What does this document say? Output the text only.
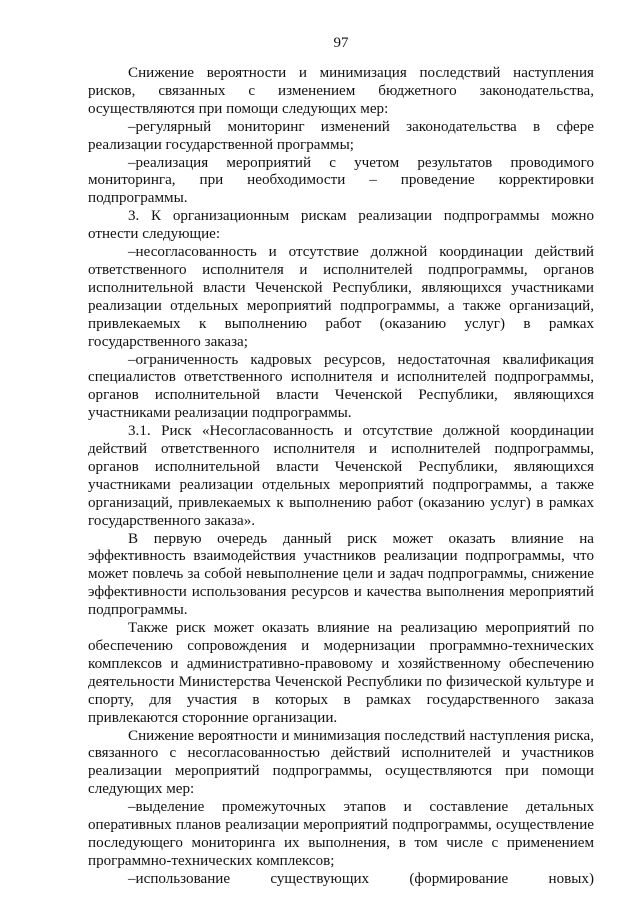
97

Снижение вероятности и минимизация последствий наступления рисков, связанных с изменением бюджетного законодательства, осуществляются при помощи следующих мер:

–регулярный мониторинг изменений законодательства в сфере реализации государственной программы;

–реализация мероприятий с учетом результатов проводимого мониторинга, при необходимости – проведение корректировки подпрограммы.

3. К организационным рискам реализации подпрограммы можно отнести следующие:

–несогласованность и отсутствие должной координации действий ответственного исполнителя и исполнителей подпрограммы, органов исполнительной власти Чеченской Республики, являющихся участниками реализации отдельных мероприятий подпрограммы, а также организаций, привлекаемых к выполнению работ (оказанию услуг) в рамках государственного заказа;

–ограниченность кадровых ресурсов, недостаточная квалификация специалистов ответственного исполнителя и исполнителей подпрограммы, органов исполнительной власти Чеченской Республики, являющихся участниками реализации подпрограммы.

3.1. Риск «Несогласованность и отсутствие должной координации действий ответственного исполнителя и исполнителей подпрограммы, органов исполнительной власти Чеченской Республики, являющихся участниками реализации отдельных мероприятий подпрограммы, а также организаций, привлекаемых к выполнению работ (оказанию услуг) в рамках государственного заказа».

В первую очередь данный риск может оказать влияние на эффективность взаимодействия участников реализации подпрограммы, что может повлечь за собой невыполнение цели и задач подпрограммы, снижение эффективности использования ресурсов и качества выполнения мероприятий подпрограммы.

Также риск может оказать влияние на реализацию мероприятий по обеспечению сопровождения и модернизации программно-технических комплексов и административно-правовому и хозяйственному обеспечению деятельности Министерства Чеченской Республики по физической культуре и спорту, для участия в которых в рамках государственного заказа привлекаются сторонние организации.

Снижение вероятности и минимизация последствий наступления риска, связанного с несогласованностью действий исполнителей и участников реализации мероприятий подпрограммы, осуществляются при помощи следующих мер:

–выделение промежуточных этапов и составление детальных оперативных планов реализации мероприятий подпрограммы, осуществление последующего мониторинга их выполнения, в том числе с применением программно-технических комплексов;

–использование существующих (формирование новых)
